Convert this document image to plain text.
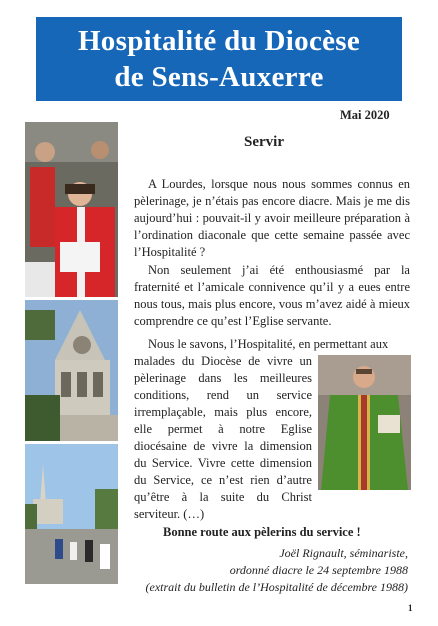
Hospitalité du Diocèse
de Sens-Auxerre
Mai 2020
Servir

A Lourdes, lorsque nous nous sommes connus en pèlerinage, je n’étais pas encore diacre. Mais je me dis aujourd’hui : pouvait-il y avoir meilleure préparation à l’ordination diaconale que cette semaine passée avec l’Hospitalité ?

Non seulement j’ai été enthousiasmé par la fraternité et l’amicale connivence qu’il y a eues entre nous tous, mais plus encore, vous m’avez aidé à mieux comprendre ce qu’est l’Eglise servante.

Nous le savons, l’Hospitalité, en permettant aux

malades du Diocèse de vivre un pèlerinage dans les meilleures conditions, rend un service irremplaçable, mais plus encore, elle permet à notre Eglise diocésaine de vivre la dimension du Service. Vivre cette dimension du Service, ce n’est rien d’autre qu’être à la suite du Christ serviteur. (…)

Bonne route aux pèlerins du service !
Joël Rignault, séminariste,
ordonné diacre le 24 septembre 1988
(extrait du bulletin de l’Hospitalité de décembre 1988)
1
